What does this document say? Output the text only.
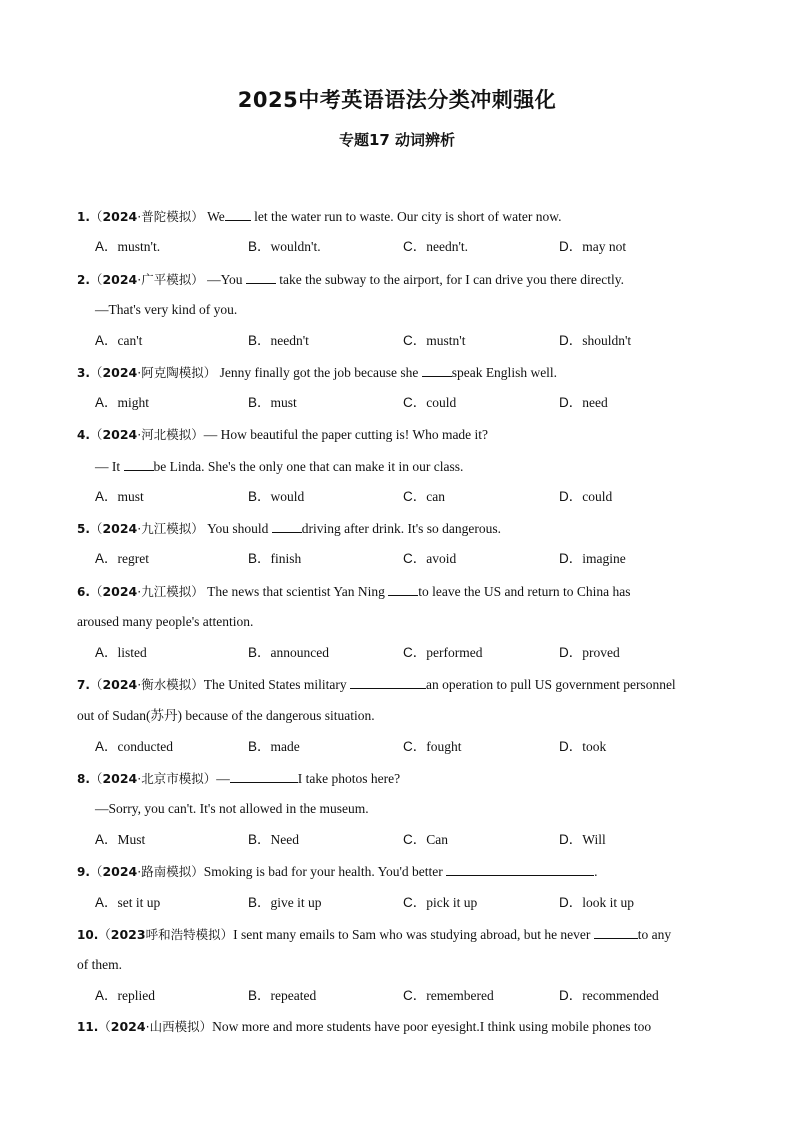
2025中考英语语法分类冲刺强化
专题17 动词辨析
1.（2024·普陀模拟） We let the water run to waste. Our city is short of water now.
A．mustn't.	B．wouldn't.	C．needn't.	D．may not
2.（2024·广平模拟） —You	take the subway to the airport, for I can drive you there directly.
—That's very kind of you.
A．can't	B．needn't	C．mustn't	D．shouldn't
3.（2024·阿克陶模拟） Jenny finally got the job because she speak English well.
A．might	B．must	C．could	D．need
4.（2024·河北模拟）— How beautiful the paper cutting is! Who made it?
— It be Linda. She's the only one that can make it in our class.
A．must	B．would	C．can	D．could
5.（2024·九江模拟） You should driving after drink. It's so dangerous.
A．regret	B．finish	C．avoid	D．imagine
6.（2024·九江模拟） The news that scientist Yan Ning to leave the US and return to China has
aroused many people's attention.
A．listed	B．announced	C．performed	D．proved
7.（2024·衡水模拟）The United States military	an operation to pull US government personnel
out of Sudan(苏丹) because of the dangerous situation.
A．conducted	B．made	C．fought	D．took
8.（2024·北京市模拟）—	I take photos here?
—Sorry, you can't. It's not allowed in the museum.
A．Must	B．Need	C．Can	D．Will
9.（2024·路南模拟）Smoking is bad for your health. You'd better	.
A．set it up	B．give it up	C．pick it up	D．look it up
10.（2023呼和浩特模拟）I sent many emails to Sam who was studying abroad, but he never	to any
of them.
A．replied	B．repeated	C．remembered	D．recommended
11.（2024·山西模拟）Now more and more students have poor eyesight.I think using mobile phones too
